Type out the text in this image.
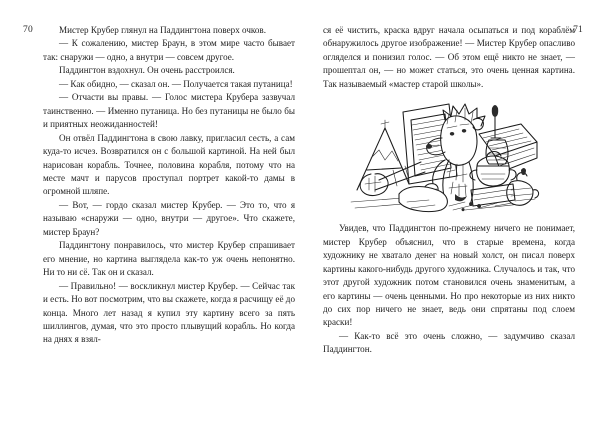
70	Мистер Крубер глянул на Паддингтона поверх очков.

— К сожалению, мистер Браун, в этом мире часто бывает так: снаружи — одно, а внутри — совсем другое.

Паддингтон вздохнул. Он очень расстроился.

— Как обидно, — сказал он. — Получается такая путаница!

— Отчасти вы правы. — Голос мистера Крубера зазвучал таинственно. — Именно путаница. Но без путаницы не было бы и приятных неожиданностей!

Он отвёл Паддингтона в свою лавку, пригласил сесть, а сам куда-то исчез. Возвратился он с большой картиной. На ней был нарисован корабль. Точнее, половина корабля, потому что на месте мачт и парусов проступал портрет какой-то дамы в огромной шляпе.

— Вот, — гордо сказал мистер Крубер. — Это то, что я называю «снаружи — одно, внутри — другое». Что скажете, мистер Браун?

Паддингтону понравилось, что мистер Крубер спрашивает его мнение, но картина выглядела как-то уж очень непонятно. Ни то ни сё. Так он и сказал.

— Правильно! — воскликнул мистер Крубер. — Сейчас так и есть. Но вот посмотрим, что вы скажете, когда я расчищу её до конца. Много лет назад я купил эту картину всего за пять шиллингов, думая, что это просто плывущий корабль. Но когда на днях я взял-

71

ся её чистить, краска вдруг начала осыпаться и под кораблём обнаружилось другое изображение! — Мистер Крубер опасливо огляделся и понизил голос. — Об этом ещё никто не знает, — прошептал он, — но может статься, это очень ценная картина. Так называемый «мастер старой школы».

Увидев, что Паддингтон по-прежнему ничего не понимает, мистер Крубер объяснил, что в старые времена, когда художнику не хватало денег на новый холст, он писал поверх картины какого-нибудь другого художника. Случалось и так, что этот другой художник потом становился очень знаменитым, а его картины — очень ценными. Но про некоторые из них никто до сих пор ничего не знает, ведь они спрятаны под слоем краски!

— Как-то всё это очень сложно, — задумчиво сказал Паддингтон.
